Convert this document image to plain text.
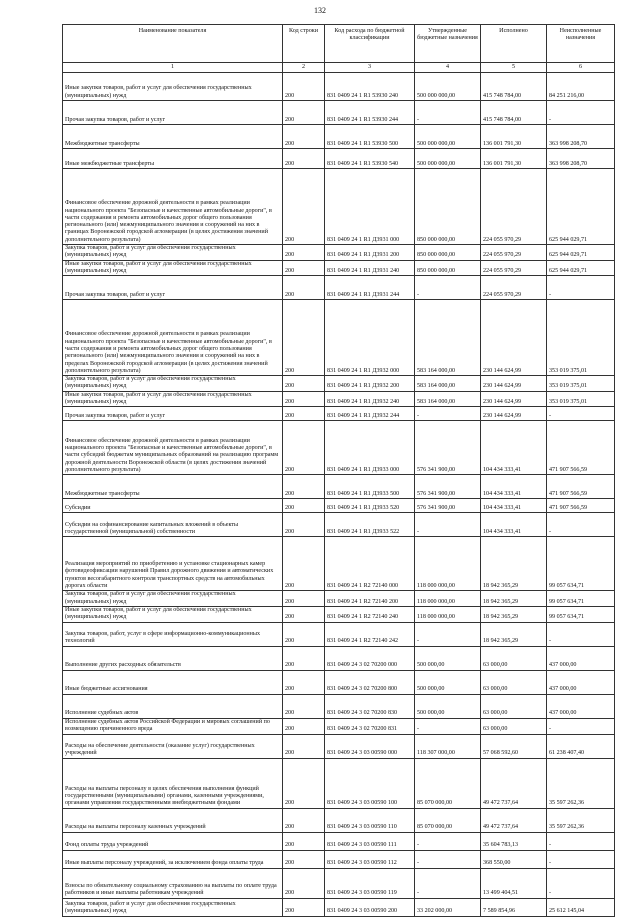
132
Наименование показателя	Код строки	Код расхода по бюджетной классификации	Утвержденные бюджетные назначения	Исполнено	Неисполненные назначения
1	2	3	4	5	6
Иные закупки товаров, работ и услуг для обеспечения государственных (муниципальных) нужд	200	831 0409 24 1 R1 53930 240	500 000 000,00	415 748 784,00	84 251 216,00
Прочая закупка товаров, работ и услуг	200	831 0409 24 1 R1 53930 244	-	415 748 784,00	-
Межбюджетные трансферты	200	831 0409 24 1 R1 53930 500	500 000 000,00	136 001 791,30	363 998 208,70
Иные межбюджетные трансферты	200	831 0409 24 1 R1 53930 540	500 000 000,00	136 001 791,30	363 998 208,70
Финансовое обеспечение дорожной деятельности в рамках реализации национального проекта "Безопасные и качественные автомобильные дороги", в части содержания и ремонта автомобильных дорог общего пользования регионального (или) межмуниципального значения и сооружений на них в границах Воронежской городской агломерации (в целях достижения значений дополнительного результата)	200	831 0409 24 1 R1 Д3931 000	850 000 000,00	224 055 970,29	625 944 029,71
Закупка товаров, работ и услуг для обеспечения государственных (муниципальных) нужд	200	831 0409 24 1 R1 Д3931 200	850 000 000,00	224 055 970,29	625 944 029,71
Иные закупки товаров, работ и услуг для обеспечения государственных (муниципальных) нужд	200	831 0409 24 1 R1 Д3931 240	850 000 000,00	224 055 970,29	625 944 029,71
Прочая закупка товаров, работ и услуг	200	831 0409 24 1 R1 Д3931 244	-	224 055 970,29	-
Финансовое обеспечение дорожной деятельности в рамках реализации национального проекта "Безопасные и качественные автомобильные дороги", в части содержания и ремонта автомобильных дорог общего пользования регионального (или) межмуниципального значения и сооружений на них в пределах Воронежской городской агломерации (в целях достижения значений дополнительного результата)	200	831 0409 24 1 R1 Д3932 000	583 164 000,00	230 144 624,99	353 019 375,01
Закупка товаров, работ и услуг для обеспечения государственных (муниципальных) нужд	200	831 0409 24 1 R1 Д3932 200	583 164 000,00	230 144 624,99	353 019 375,01
Иные закупки товаров, работ и услуг для обеспечения государственных (муниципальных) нужд	200	831 0409 24 1 R1 Д3932 240	583 164 000,00	230 144 624,99	353 019 375,01
Прочая закупка товаров, работ и услуг	200	831 0409 24 1 R1 Д3932 244	-	230 144 624,99	-
Финансовое обеспечение дорожной деятельности в рамках реализации национального проекта "Безопасные и качественные автомобильные дороги", в части субсидий бюджетам муниципальных образований на реализацию программ дорожной деятельности Воронежской области (в целях достижения значений дополнительного результата)	200	831 0409 24 1 R1 Д3933 000	576 341 900,00	104 434 333,41	471 907 566,59
Межбюджетные трансферты	200	831 0409 24 1 R1 Д3933 500	576 341 900,00	104 434 333,41	471 907 566,59
Субсидии	200	831 0409 24 1 R1 Д3933 520	576 341 900,00	104 434 333,41	471 907 566,59
Субсидии на софинансирование капитальных вложений в объекты государственной (муниципальной) собственности	200	831 0409 24 1 R1 Д3933 522	-	104 434 333,41	-
Реализация мероприятий по приобретению и установке стационарных камер фотовидеофиксации нарушений Правил дорожного движения и автоматических пунктов весогабаритного контроля транспортных средств на автомобильных дорогах области	200	831 0409 24 1 R2 72140 000	118 000 000,00	18 942 365,29	99 057 634,71
Закупка товаров, работ и услуг для обеспечения государственных (муниципальных) нужд	200	831 0409 24 1 R2 72140 200	118 000 000,00	18 942 365,29	99 057 634,71
Иные закупки товаров, работ и услуг для обеспечения государственных (муниципальных) нужд	200	831 0409 24 1 R2 72140 240	118 000 000,00	18 942 365,29	99 057 634,71
Закупка товаров, работ, услуг в сфере информационно-коммуникационных технологий	200	831 0409 24 1 R2 72140 242	-	18 942 365,29	-
Выполнение других расходных обязательств	200	831 0409 24 3 02 70200 000	500 000,00	63 000,00	437 000,00
Иные бюджетные ассигнования	200	831 0409 24 3 02 70200 800	500 000,00	63 000,00	437 000,00
Исполнение судебных актов	200	831 0409 24 3 02 70200 830	500 000,00	63 000,00	437 000,00
Исполнение судебных актов Российской Федерации и мировых соглашений по возмещению причиненного вреда	200	831 0409 24 3 02 70200 831	-	63 000,00	-
Расходы на обеспечение деятельности (оказание услуг) государственных учреждений	200	831 0409 24 3 03 00590 000	118 307 000,00	57 068 592,60	61 238 407,40
Расходы на выплаты персоналу в целях обеспечения выполнения функций государственными (муниципальными) органами, казенными учреждениями, органами управления государственными внебюджетными фондами	200	831 0409 24 3 03 00590 100	85 070 000,00	49 472 737,64	35 597 262,36
Расходы на выплаты персоналу казенных учреждений	200	831 0409 24 3 03 00590 110	85 070 000,00	49 472 737,64	35 597 262,36
Фонд оплаты труда учреждений	200	831 0409 24 3 03 00590 111	-	35 604 783,13	-
Иные выплаты персоналу учреждений, за исключением фонда оплаты труда	200	831 0409 24 3 03 00590 112	-	368 550,00	-
Взносы по обязательному социальному страхованию на выплаты по оплате труда работников и иные выплаты работникам учреждений	200	831 0409 24 3 03 00590 119	-	13 499 404,51	-
Закупка товаров, работ и услуг для обеспечения государственных (муниципальных) нужд	200	831 0409 24 3 03 00590 200	33 202 000,00	7 589 854,96	25 612 145,04
